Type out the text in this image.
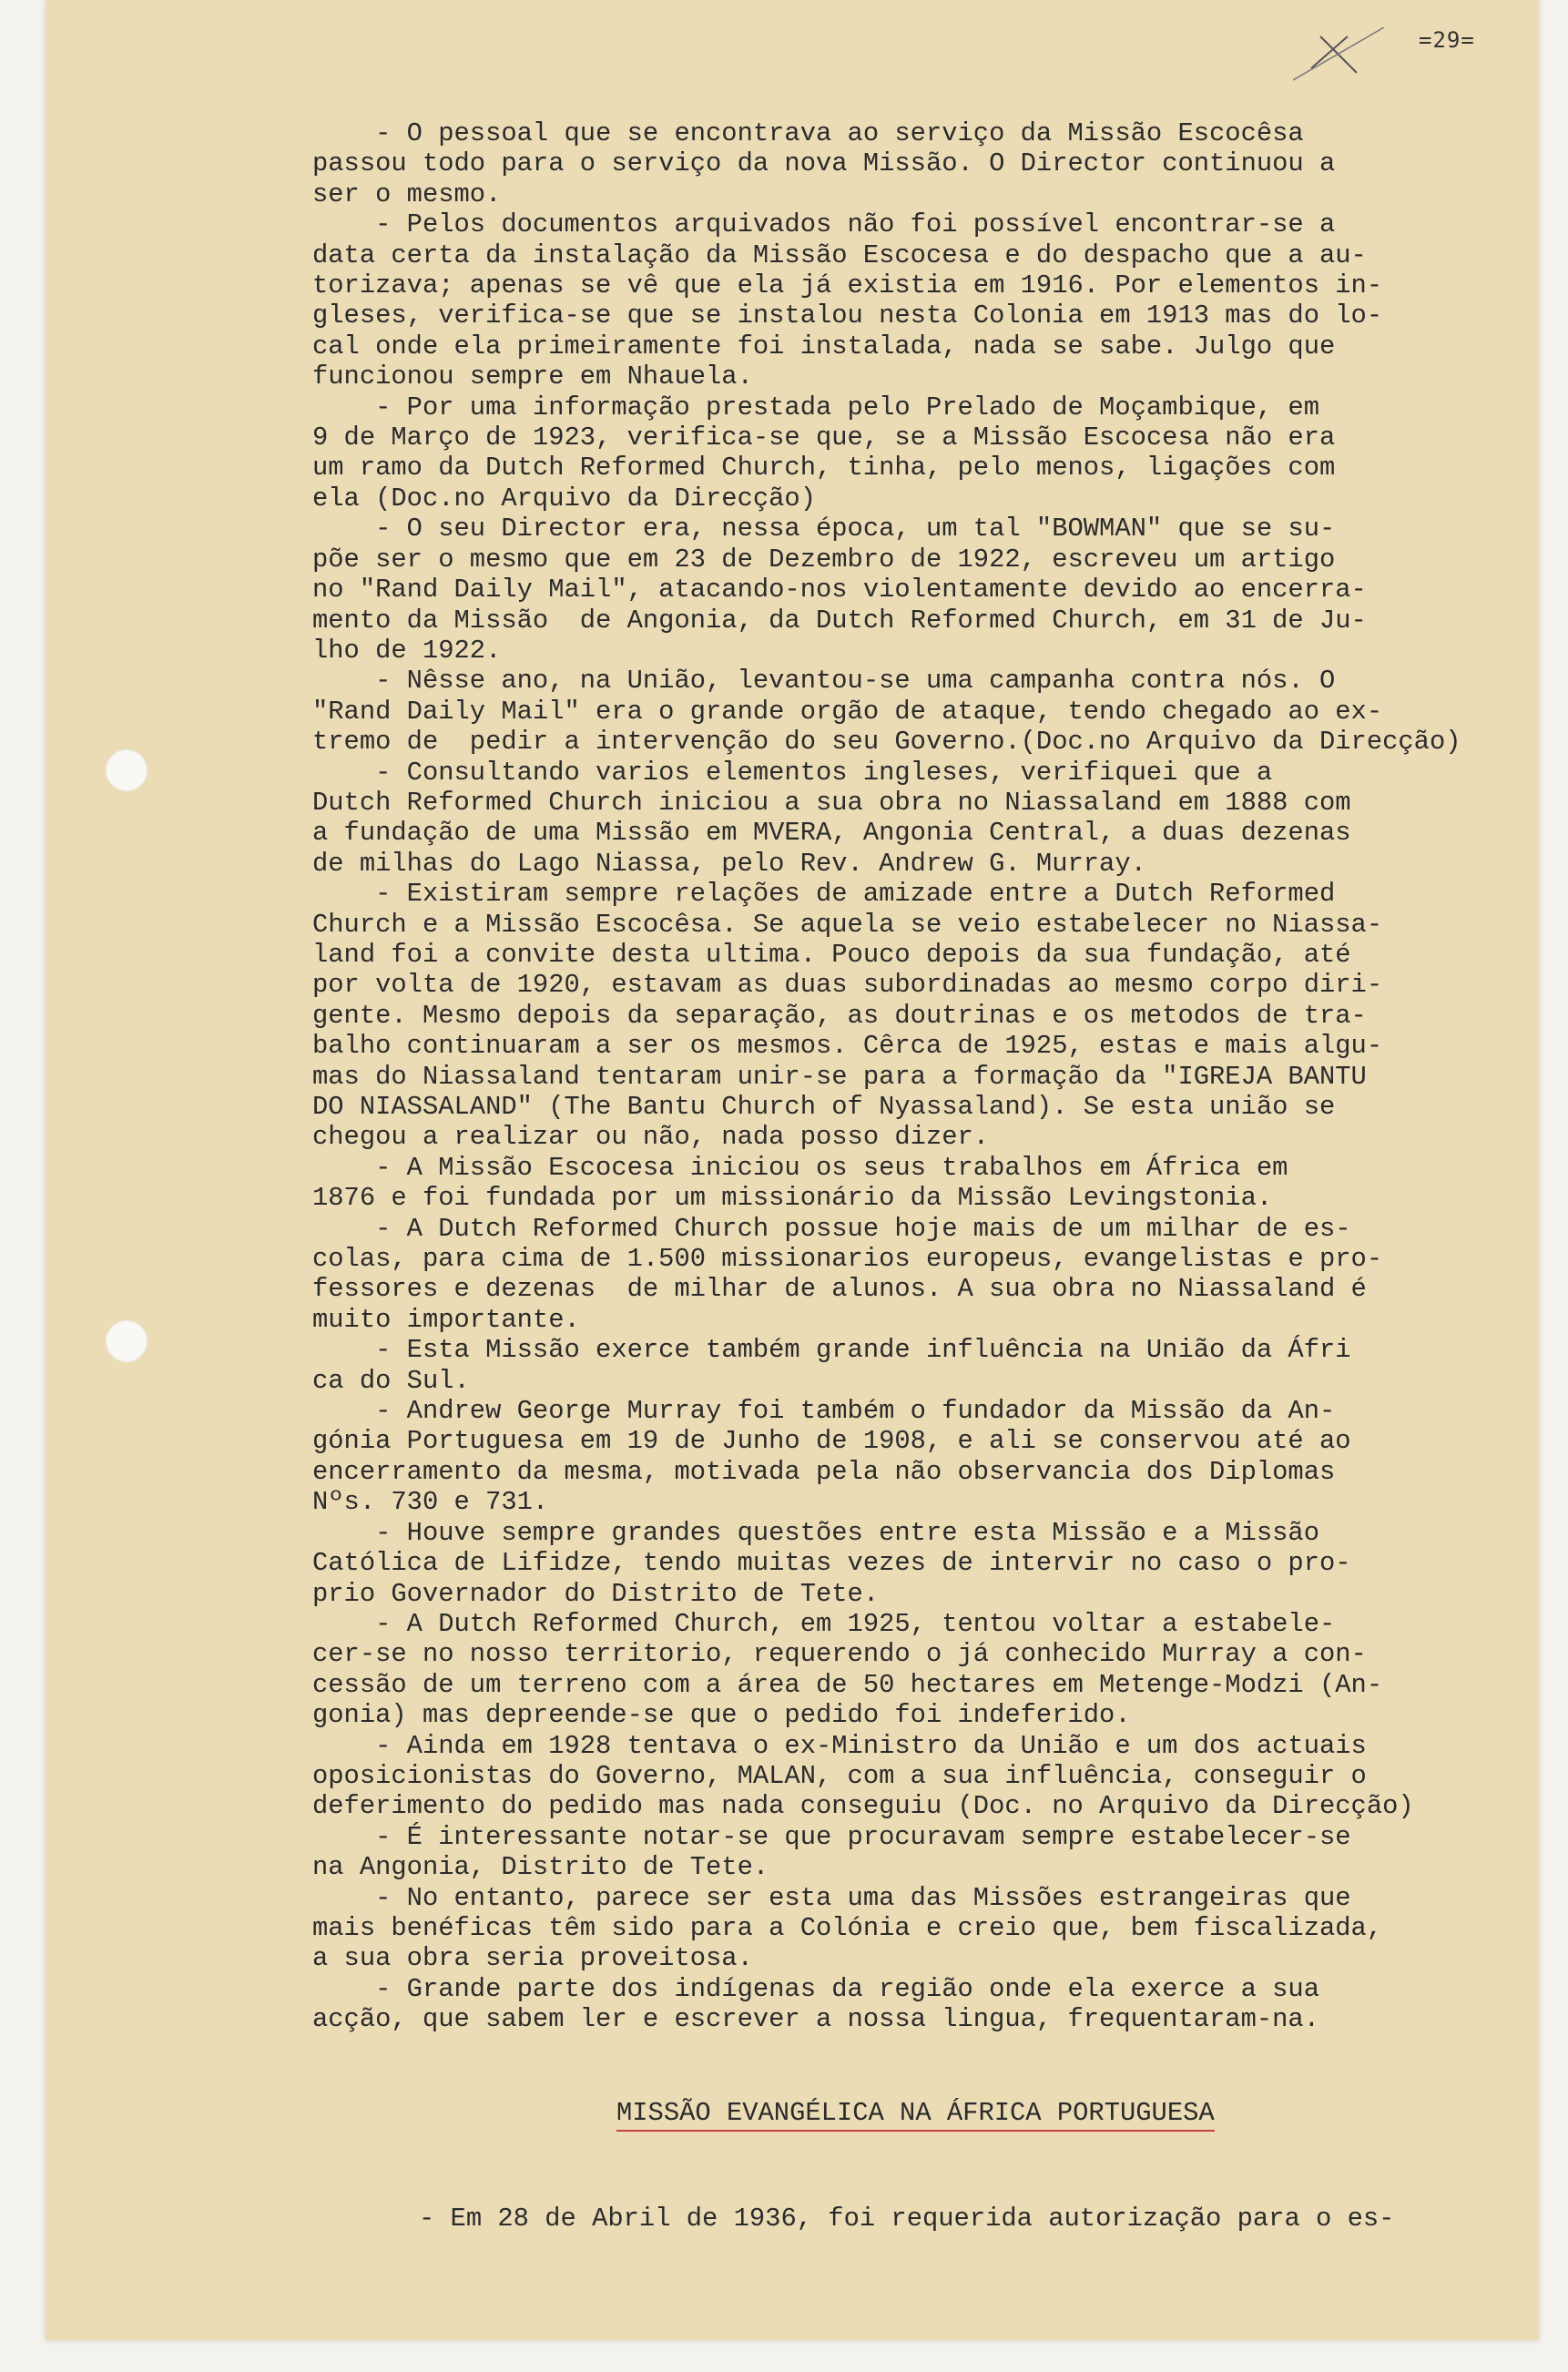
=29=

- O pessoal que se encontrava ao serviço da Missão Escocêsa

passou todo para o serviço da nova Missão. O Director continuou a

ser o mesmo.

- Pelos documentos arquivados não foi possível encontrar-se a

data certa da instalação da Missão Escocesa e do despacho que a au-

torizava; apenas se vê que ela já existia em 1916. Por elementos in-

gleses, verifica-se que se instalou nesta Colonia em 1913 mas do lo-

cal onde ela primeiramente foi instalada, nada se sabe. Julgo que

funcionou sempre em Nhauela.

- Por uma informação prestada pelo Prelado de Moçambique, em

9 de Março de 1923, verifica-se que, se a Missão Escocesa não era

um ramo da Dutch Reformed Church, tinha, pelo menos, ligações com

ela (Doc.no Arquivo da Direcção)

- O seu Director era, nessa época, um tal "BOWMAN" que se su-

põe ser o mesmo que em 23 de Dezembro de 1922, escreveu um artigo

no "Rand Daily Mail", atacando-nos violentamente devido ao encerra-

mento da Missão  de Angonia, da Dutch Reformed Church, em 31 de Ju-

lho de 1922.

- Nêsse ano, na União, levantou-se uma campanha contra nós. O

"Rand Daily Mail" era o grande orgão de ataque, tendo chegado ao ex-

tremo de  pedir a intervenção do seu Governo.(Doc.no Arquivo da Direcção)

- Consultando varios elementos ingleses, verifiquei que a

Dutch Reformed Church iniciou a sua obra no Niassaland em 1888 com

a fundação de uma Missão em MVERA, Angonia Central, a duas dezenas

de milhas do Lago Niassa, pelo Rev. Andrew G. Murray.

- Existiram sempre relações de amizade entre a Dutch Reformed

Church e a Missão Escocêsa. Se aquela se veio estabelecer no Niassa-

land foi a convite desta ultima. Pouco depois da sua fundação, até

por volta de 1920, estavam as duas subordinadas ao mesmo corpo diri-

gente. Mesmo depois da separação, as doutrinas e os metodos de tra-

balho continuaram a ser os mesmos. Cêrca de 1925, estas e mais algu-

mas do Niassaland tentaram unir-se para a formação da "IGREJA BANTU

DO NIASSALAND" (The Bantu Church of Nyassaland). Se esta união se

chegou a realizar ou não, nada posso dizer.

- A Missão Escocesa iniciou os seus trabalhos em África em

1876 e foi fundada por um missionário da Missão Levingstonia.

- A Dutch Reformed Church possue hoje mais de um milhar de es-

colas, para cima de 1.500 missionarios europeus, evangelistas e pro-

fessores e dezenas  de milhar de alunos. A sua obra no Niassaland é

muito importante.

- Esta Missão exerce também grande influência na União da Áfri

ca do Sul.

- Andrew George Murray foi também o fundador da Missão da An-

gónia Portuguesa em 19 de Junho de 1908, e ali se conservou até ao

encerramento da mesma, motivada pela não observancia dos Diplomas

Nºs. 730 e 731.

- Houve sempre grandes questões entre esta Missão e a Missão

Católica de Lifidze, tendo muitas vezes de intervir no caso o pro-

prio Governador do Distrito de Tete.

- A Dutch Reformed Church, em 1925, tentou voltar a estabele-

cer-se no nosso territorio, requerendo o já conhecido Murray a con-

cessão de um terreno com a área de 50 hectares em Metenge-Modzi (An-

gonia) mas depreende-se que o pedido foi indeferido.

- Ainda em 1928 tentava o ex-Ministro da União e um dos actuais

oposicionistas do Governo, MALAN, com a sua influência, conseguir o

deferimento do pedido mas nada conseguiu (Doc. no Arquivo da Direcção)

- É interessante notar-se que procuravam sempre estabelecer-se

na Angonia, Distrito de Tete.

- No entanto, parece ser esta uma das Missões estrangeiras que

mais benéficas têm sido para a Colónia e creio que, bem fiscalizada,

a sua obra seria proveitosa.

- Grande parte dos indígenas da região onde ela exerce a sua

acção, que sabem ler e escrever a nossa lingua, frequentaram-na.

MISSÃO EVANGÉLICA NA ÁFRICA PORTUGUESA
- Em 28 de Abril de 1936, foi requerida autorização para o es-
